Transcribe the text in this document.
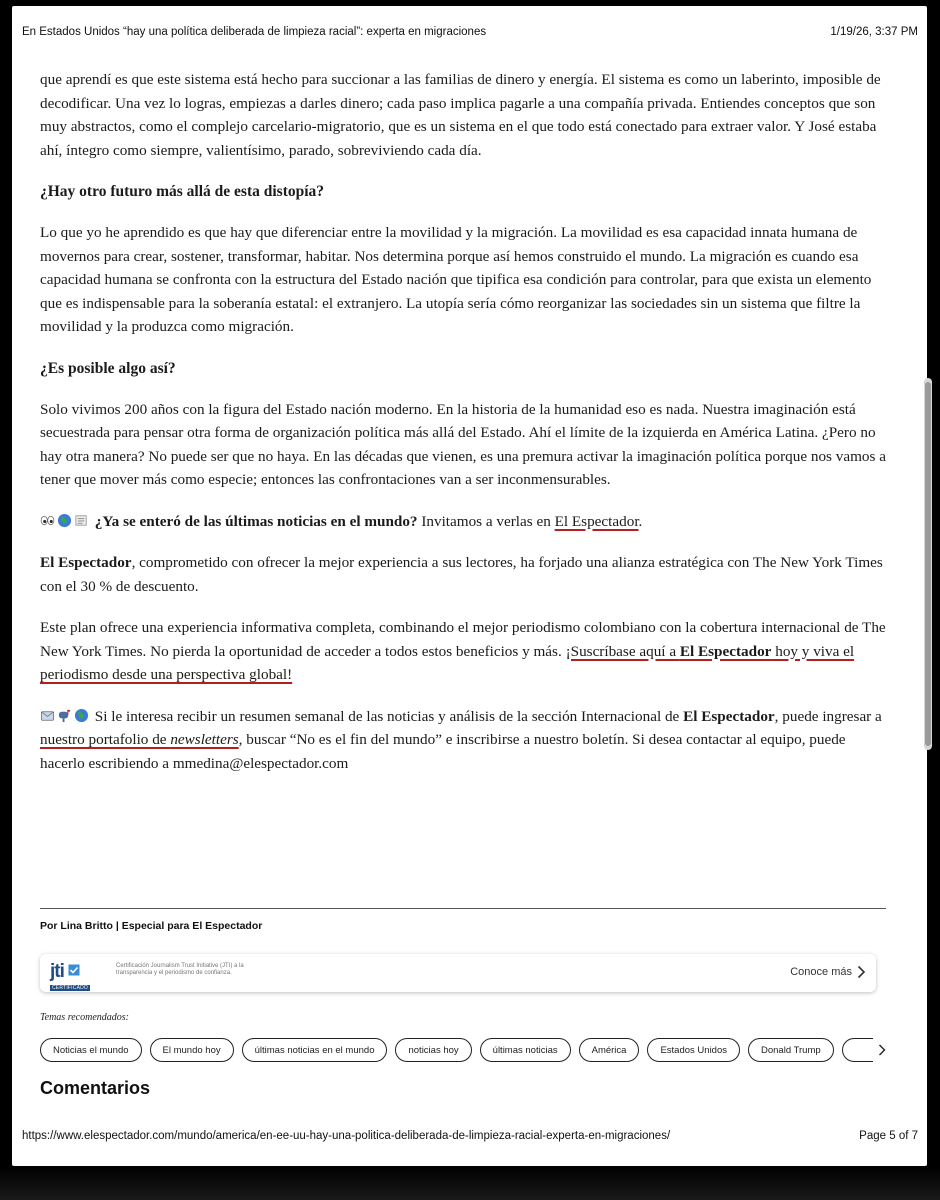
En Estados Unidos “hay una política deliberada de limpieza racial”: experta en migraciones	1/19/26, 3:37 PM

que aprendí es que este sistema está hecho para succionar a las familias de dinero y energía. El sistema es como un laberinto, imposible de decodificar. Una vez lo logras, empiezas a darles dinero; cada paso implica pagarle a una compañía privada. Entiendes conceptos que son muy abstractos, como el complejo carcelario-migratorio, que es un sistema en el que todo está conectado para extraer valor. Y José estaba ahí, íntegro como siempre, valientísimo, parado, sobreviviendo cada día.

¿Hay otro futuro más allá de esta distopía?

Lo que yo he aprendido es que hay que diferenciar entre la movilidad y la migración. La movilidad es esa capacidad innata humana de movernos para crear, sostener, transformar, habitar. Nos determina porque así hemos construido el mundo. La migración es cuando esa capacidad humana se confronta con la estructura del Estado nación que tipifica esa condición para controlar, para que exista un elemento que es indispensable para la soberanía estatal: el extranjero. La utopía sería cómo reorganizar las sociedades sin un sistema que filtre la movilidad y la produzca como migración.

¿Es posible algo así?

Solo vivimos 200 años con la figura del Estado nación moderno. En la historia de la humanidad eso es nada. Nuestra imaginación está secuestrada para pensar otra forma de organización política más allá del Estado. Ahí el límite de la izquierda en América Latina. ¿Pero no hay otra manera? No puede ser que no haya. En las décadas que vienen, es una premura activar la imaginación política porque nos vamos a tener que mover más como especie; entonces las confrontaciones van a ser inconmensurables.

¿Ya se enteró de las últimas noticias en el mundo? Invitamos a verlas en El Espectador.

El Espectador, comprometido con ofrecer la mejor experiencia a sus lectores, ha forjado una alianza estratégica con The New York Times con el 30 % de descuento.

Este plan ofrece una experiencia informativa completa, combinando el mejor periodismo colombiano con la cobertura internacional de The New York Times. No pierda la oportunidad de acceder a todos estos beneficios y más. ¡Suscríbase aquí a El Espectador hoy y viva el periodismo desde una perspectiva global!

Si le interesa recibir un resumen semanal de las noticias y análisis de la sección Internacional de El Espectador, puede ingresar a nuestro portafolio de newsletters, buscar “No es el fin del mundo” e inscribirse a nuestro boletín. Si desea contactar al equipo, puede hacerlo escribiendo a mmedina@elespectador.com

Por Lina Britto | Especial para El Espectador
jti
CERTIFICADO
Certificación Journalism Trust Initiative (JTI) a la transparencia y el periodismo de confianza.	Conoce más
Temas recomendados:
Noticias el mundo	El mundo hoy	últimas noticias en el mundo	noticias hoy	últimas noticias	América	Estados Unidos	Donald Trump
Comentarios
https://www.elespectador.com/mundo/america/en-ee-uu-hay-una-politica-deliberada-de-limpieza-racial-experta-en-migraciones/	Page 5 of 7
